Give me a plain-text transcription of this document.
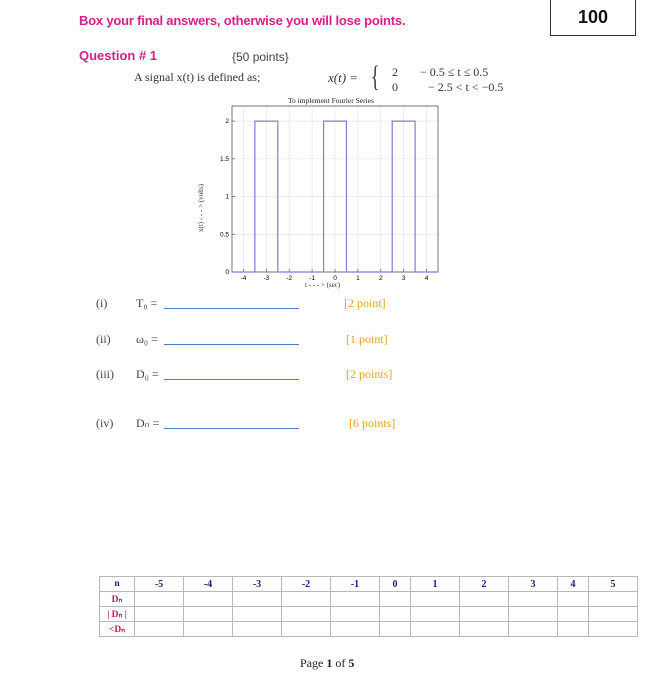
Box your final answers, otherwise you will lose points.	100
Question # 1	{50 points}
A signal x(t) is defined as;	x(t) = { 2 − 0.5 ≤ t ≤ 0.5
0	− 2.5 < t < −0.5
To implement Fourier Series
x(t) - - - > (volts)
t - - - > (sec)
-4	-3	-2	-1	0	1	2	3	4
0
0.5
1
1.5
2
(i) T₀ =	[2 point]
(ii) ω₀ =	[1 point]
(iii) D₀ =	[2 points]
(iv) Dₙ =	[6 points]
n	-5	-4	-3	-2	-1	0	1	2	3	4	5
Dₙ											
| Dₙ |											
<Dₙ											
Page 1 of 5
